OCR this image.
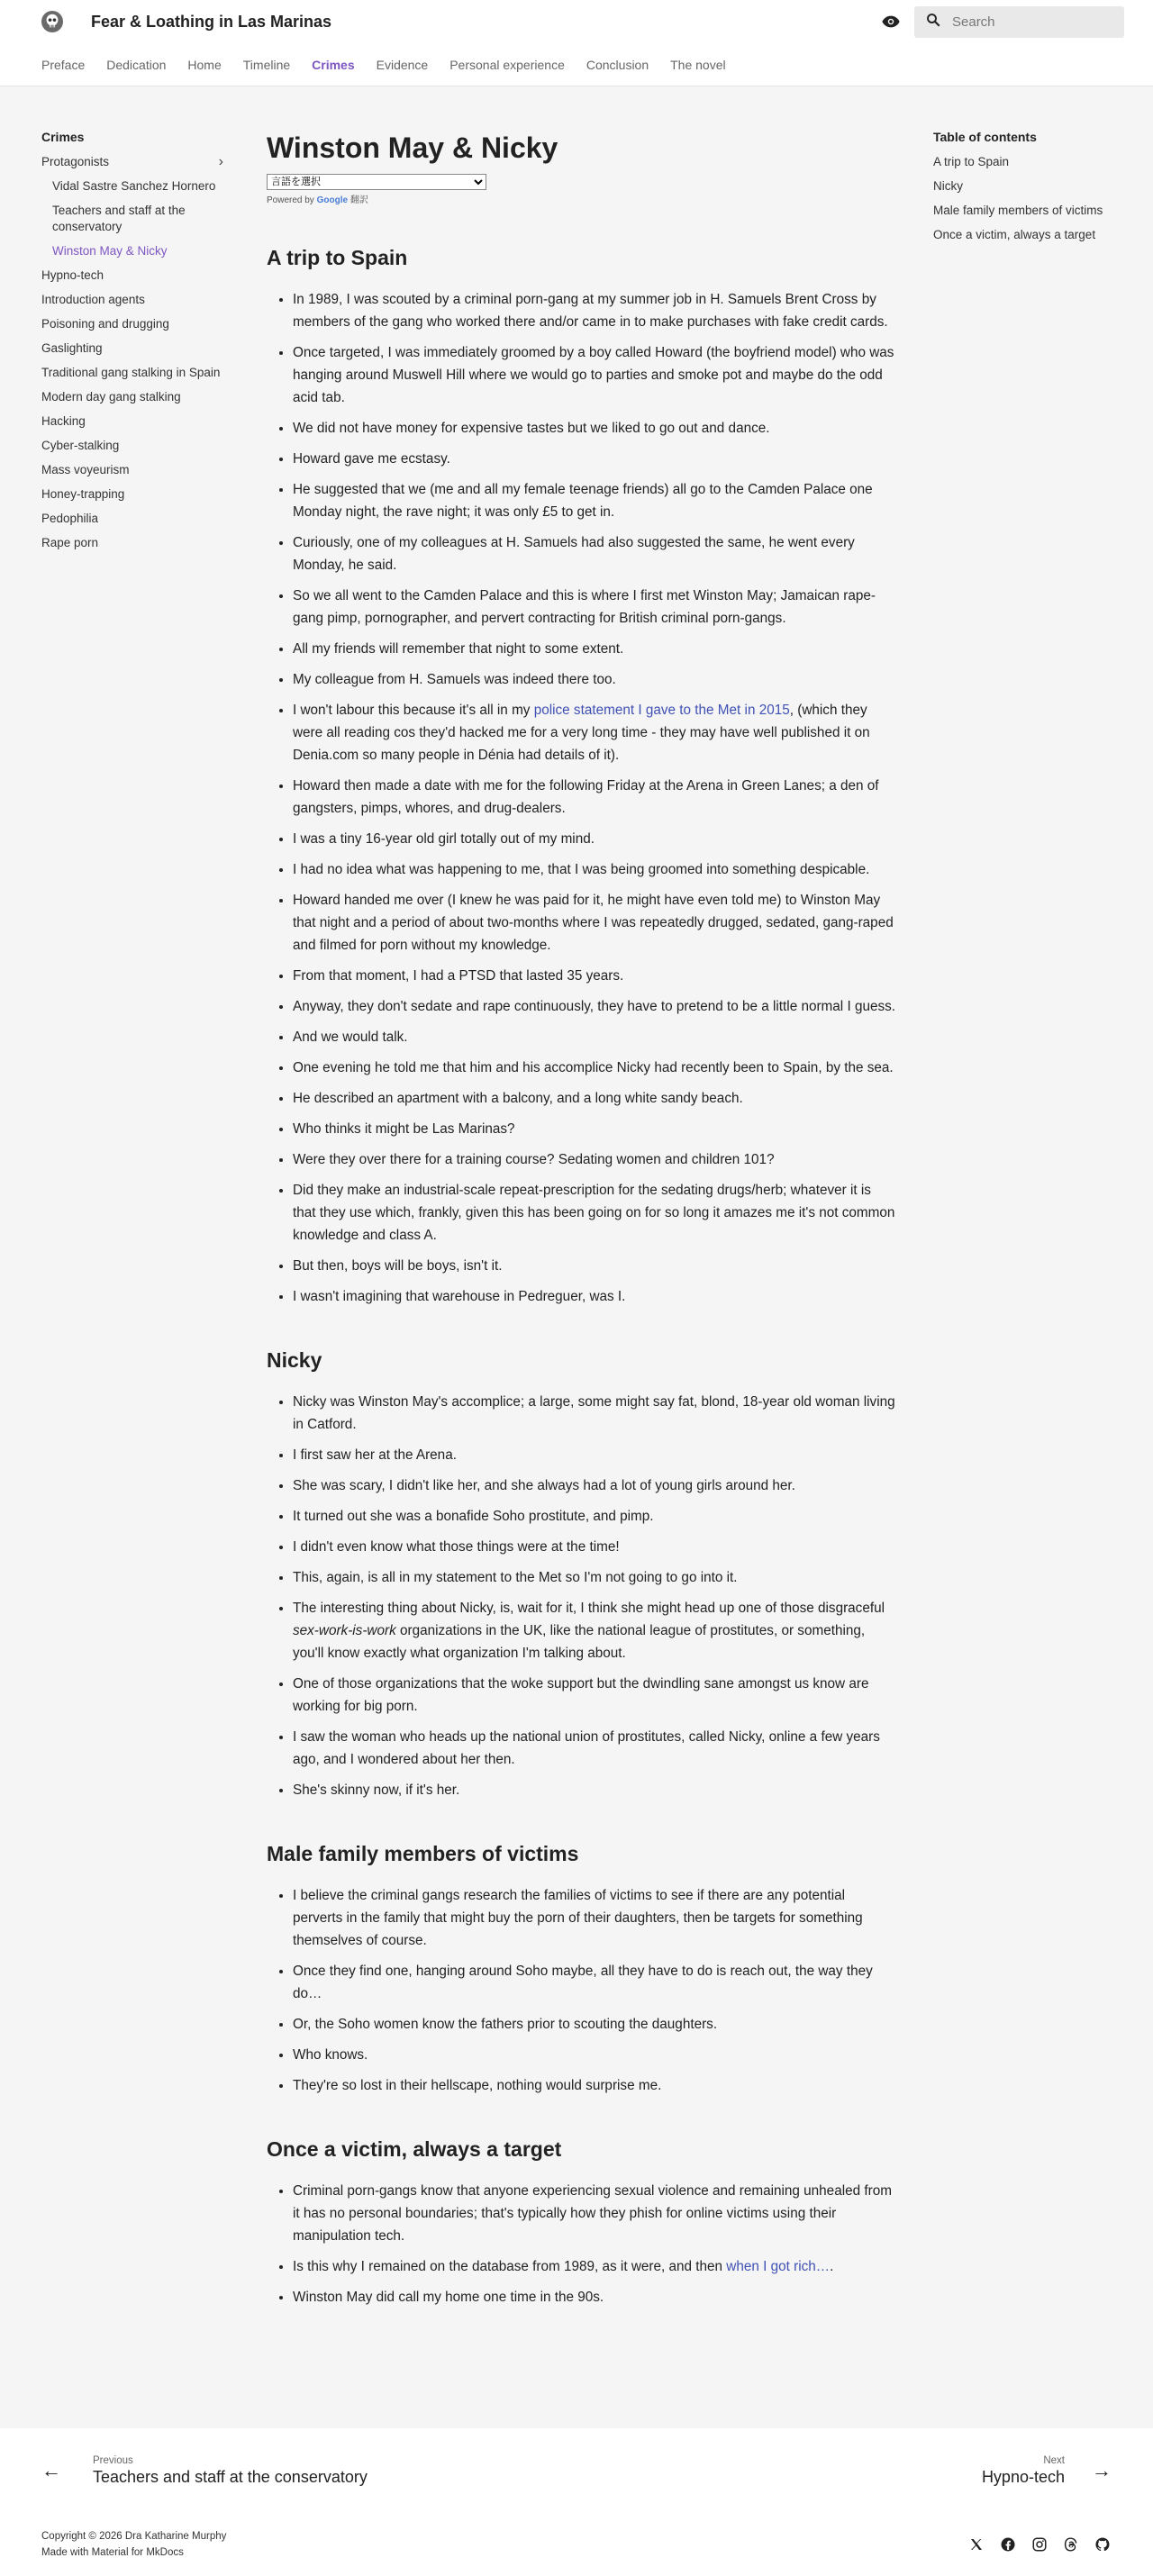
Fear & Loathing in Las Marinas
Search
Preface Dedication Home Timeline Crimes Evidence Personal experience Conclusion The novel
Crimes
Protagonists	›
Vidal Sastre Sanchez Hornero
Teachers and staff at the conservatory
Winston May & Nicky
Hypno-tech
Introduction agents
Poisoning and drugging
Gaslighting
Traditional gang stalking in Spain
Modern day gang stalking
Hacking
Cyber-stalking
Mass voyeurism
Honey-trapping
Pedophilia
Rape porn
Winston May & Nicky
言語を選択
Powered by Google 翻訳
A trip to Spain
• In 1989, I was scouted by a criminal porn-gang at my summer job in H. Samuels Brent Cross by members of the gang who worked there and/or came in to make purchases with fake credit cards.
• Once targeted, I was immediately groomed by a boy called Howard (the boyfriend model) who was hanging around Muswell Hill where we would go to parties and smoke pot and maybe do the odd acid tab.
• We did not have money for expensive tastes but we liked to go out and dance.
• Howard gave me ecstasy.
• He suggested that we (me and all my female teenage friends) all go to the Camden Palace one Monday night, the rave night; it was only £5 to get in.
• Curiously, one of my colleagues at H. Samuels had also suggested the same, he went every Monday, he said.
• So we all went to the Camden Palace and this is where I first met Winston May; Jamaican rape-gang pimp, pornographer, and pervert contracting for British criminal porn-gangs.
• All my friends will remember that night to some extent.
• My colleague from H. Samuels was indeed there too.
• I won't labour this because it's all in my police statement I gave to the Met in 2015, (which they were all reading cos they'd hacked me for a very long time - they may have well published it on Denia.com so many people in Dénia had details of it).
• Howard then made a date with me for the following Friday at the Arena in Green Lanes; a den of gangsters, pimps, whores, and drug-dealers.
• I was a tiny 16-year old girl totally out of my mind.
• I had no idea what was happening to me, that I was being groomed into something despicable.
• Howard handed me over (I knew he was paid for it, he might have even told me) to Winston May that night and a period of about two-months where I was repeatedly drugged, sedated, gang-raped and filmed for porn without my knowledge.
• From that moment, I had a PTSD that lasted 35 years.
• Anyway, they don't sedate and rape continuously, they have to pretend to be a little normal I guess.
• And we would talk.
• One evening he told me that him and his accomplice Nicky had recently been to Spain, by the sea.
• He described an apartment with a balcony, and a long white sandy beach.
• Who thinks it might be Las Marinas?
• Were they over there for a training course? Sedating women and children 101?
• Did they make an industrial-scale repeat-prescription for the sedating drugs/herb; whatever it is that they use which, frankly, given this has been going on for so long it amazes me it's not common knowledge and class A.
• But then, boys will be boys, isn't it.
• I wasn't imagining that warehouse in Pedreguer, was I.
Nicky
• Nicky was Winston May's accomplice; a large, some might say fat, blond, 18-year old woman living in Catford.
• I first saw her at the Arena.
• She was scary, I didn't like her, and she always had a lot of young girls around her.
• It turned out she was a bonafide Soho prostitute, and pimp.
• I didn't even know what those things were at the time!
• This, again, is all in my statement to the Met so I'm not going to go into it.
• The interesting thing about Nicky, is, wait for it, I think she might head up one of those disgraceful sex-work-is-work organizations in the UK, like the national league of prostitutes, or something, you'll know exactly what organization I'm talking about.
• One of those organizations that the woke support but the dwindling sane amongst us know are working for big porn.
• I saw the woman who heads up the national union of prostitutes, called Nicky, online a few years ago, and I wondered about her then.
• She's skinny now, if it's her.
Male family members of victims
• I believe the criminal gangs research the families of victims to see if there are any potential perverts in the family that might buy the porn of their daughters, then be targets for something themselves of course.
• Once they find one, hanging around Soho maybe, all they have to do is reach out, the way they do…
• Or, the Soho women know the fathers prior to scouting the daughters.
• Who knows.
• They're so lost in their hellscape, nothing would surprise me.
Once a victim, always a target
• Criminal porn-gangs know that anyone experiencing sexual violence and remaining unhealed from it has no personal boundaries; that's typically how they phish for online victims using their manipulation tech.
• Is this why I remained on the database from 1989, as it were, and then when I got rich….
• Winston May did call my home one time in the 90s.
Table of contents
A trip to Spain
Nicky
Male family members of victims
Once a victim, always a target
←	Previous
Teachers and staff at the conservatory
Next
Hypno-tech →
Copyright © 2026 Dra Katharine Murphy
Made with Material for MkDocs
